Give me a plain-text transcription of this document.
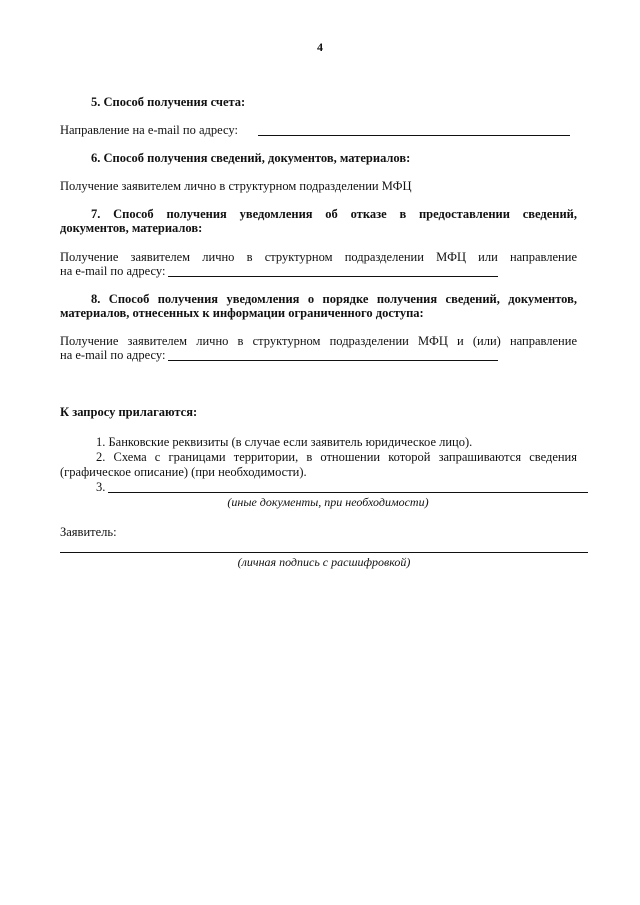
4
5. Способ получения счета:
Направление на e-mail по адресу:
6. Способ получения сведений, документов, материалов:
Получение заявителем лично в структурном подразделении МФЦ
7. Способ получения уведомления об отказе в предоставлении сведений,
документов, материалов:
Получение заявителем лично в структурном подразделении МФЦ или направление
на e-mail по адресу:
8. Способ получения уведомления о порядке получения сведений, документов,
материалов, отнесенных к информации ограниченного доступа:
Получение заявителем лично в структурном подразделении МФЦ и (или) направление
на e-mail по адресу:
К запросу прилагаются:
1. Банковские реквизиты (в случае если заявитель юридическое лицо).
2. Схема с границами территории, в отношении которой запрашиваются сведения
(графическое описание) (при необходимости).
3.
(иные документы, при необходимости)
Заявитель:
(личная подпись с расшифровкой)
